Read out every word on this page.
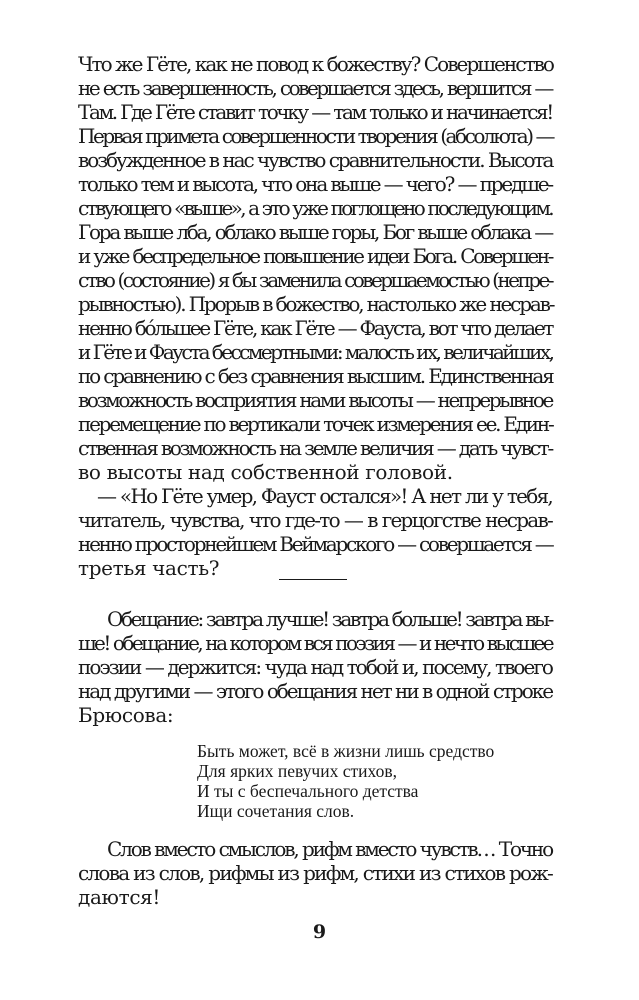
Что же Гёте, как не повод к божеству? Совершенство
не есть завершенность, совершается здесь, вершится —
Там. Где Гёте ставит точку — там только и начинается!
Первая примета совершенности творения (абсолюта) —
возбужденное в нас чувство сравнительности. Высота
только тем и высота, что она выше — чего? — предше-
ствующего «выше», а это уже поглощено последующим.
Гора выше лба, облако выше горы, Бог выше облака —
и уже беспредельное повышение идеи Бога. Совершен-
ство (состояние) я бы заменила совершаемостью (непре-
рывностью). Прорыв в божество, настолько же несрав-
ненно бóльшее Гёте, как Гёте — Фауста, вот что делает
и Гёте и Фауста бессмертными: малость их, величайших,
по сравнению с без сравнения высшим. Единственная
возможность восприятия нами высоты — непрерывное
перемещение по вертикали точек измерения ее. Един-
ственная возможность на земле величия — дать чувст-
во высоты над собственной головой.
— «Но Гёте умер, Фауст остался»! А нет ли у тебя,
читатель, чувства, что где-то — в герцогстве несрав-
ненно просторнейшем Веймарского — совершается —
третья часть?
Обещание: завтра лучше! завтра больше! завтра вы-
ше! обещание, на котором вся поэзия — и нечто высшее
поэзии — держится: чуда над тобой и, посему, твоего
над другими — этого обещания нет ни в одной строке
Брюсова:
Быть может, всё в жизни лишь средство
Для ярких певучих стихов,
И ты с беспечального детства
Ищи сочетания слов.
Слов вместо смыслов, рифм вместо чувств… Точно
слова из слов, рифмы из рифм, стихи из стихов рож-
даются!
9
